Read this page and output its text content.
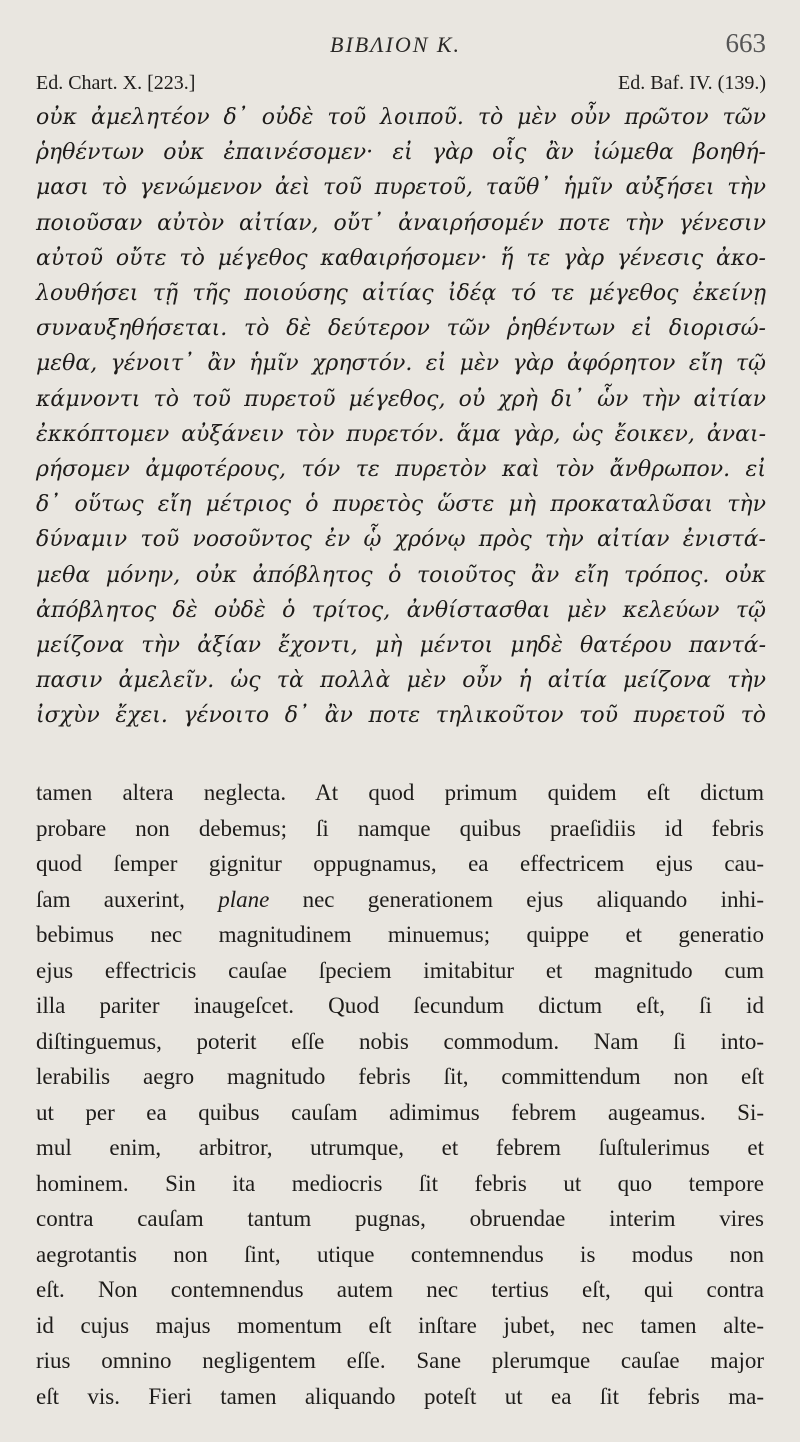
BIBΛΙΟΝ K.	663
Ed. Chart. X. [223.]	Ed. Baf. IV. (139.)
οὐκ ἀμελητέον δ᾽ οὐδὲ τοῦ λοιποῦ. τὸ μὲν οὖν πρῶτον τῶν
ῥηθέντων οὐκ ἐπαινέσομεν· εἰ γὰρ οἷς ἂν ἰώμεθα βοηθή-
μασι τὸ γενώμενον ἀεὶ τοῦ πυρετοῦ, ταῦθ᾽ ἡμῖν αὐξήσει τὴν
ποιοῦσαν αὐτὸν αἰτίαν, οὔτ᾽ ἀναιρήσομέν ποτε τὴν γένεσιν
αὐτοῦ οὔτε τὸ μέγεθος καθαιρήσομεν· ἥ τε γὰρ γένεσις ἀκο-
λουθήσει τῇ τῆς ποιούσης αἰτίας ἰδέᾳ τό τε μέγεθος ἐκείνῃ
συναυξηθήσεται. τὸ δὲ δεύτερον τῶν ῥηθέντων εἰ διορισώ-
μεθα, γένοιτ᾽ ἂν ἡμῖν χρηστόν. εἰ μὲν γὰρ ἀφόρητον εἴη τῷ
κάμνοντι τὸ τοῦ πυρετοῦ μέγεθος, οὐ χρὴ δι᾽ ὧν τὴν αἰτίαν
ἐκκόπτομεν αὐξάνειν τὸν πυρετόν. ἅμα γὰρ, ὡς ἔοικεν, ἀναι-
ρήσομεν ἀμφοτέρους, τόν τε πυρετὸν καὶ τὸν ἄνθρωπον. εἰ
δ᾽ οὕτως εἴη μέτριος ὁ πυρετὸς ὥστε μὴ προκαταλῦσαι τὴν
δύναμιν τοῦ νοσοῦντος ἐν ᾧ χρόνῳ πρὸς τὴν αἰτίαν ἐνιστά-
μεθα μόνην, οὐκ ἀπόβλητος ὁ τοιοῦτος ἂν εἴη τρόπος. οὐκ
ἀπόβλητος δὲ οὐδὲ ὁ τρίτος, ἀνθίστασθαι μὲν κελεύων τῷ
μείζονα τὴν ἀξίαν ἔχοντι, μὴ μέντοι μηδὲ θατέρου παντά-
πασιν ἀμελεῖν. ὡς τὰ πολλὰ μὲν οὖν ἡ αἰτία μείζονα τὴν
ἰσχὺν ἔχει. γένοιτο δ᾽ ἂν ποτε τηλικοῦτον τοῦ πυρετοῦ τὸ
tamen altera neglecta. At quod primum quidem eſt dictum
probare non debemus; ſi namque quibus praeſidiis id febris
quod ſemper gignitur oppugnamus, ea effectricem ejus cau-
ſam auxerint, plane nec generationem ejus aliquando inhi-
bebimus nec magnitudinem minuemus; quippe et generatio
ejus effectricis cauſae ſpeciem imitabitur et magnitudo cum
illa pariter inaugeſcet. Quod ſecundum dictum eſt, ſi id
diſtinguemus, poterit eſſe nobis commodum. Nam ſi into-
lerabilis aegro magnitudo febris ſit, committendum non eſt
ut per ea quibus cauſam adimimus febrem augeamus. Si-
mul enim, arbitror, utrumque, et febrem ſuſtulerimus et
hominem. Sin ita mediocris ſit febris ut quo tempore
contra cauſam tantum pugnas, obruendae interim vires
aegrotantis non ſint, utique contemnendus is modus non
eſt. Non contemnendus autem nec tertius eſt, qui contra
id cujus majus momentum eſt inſtare jubet, nec tamen alte-
rius omnino negligentem eſſe. Sane plerumque cauſae major
eſt vis. Fieri tamen aliquando poteſt ut ea ſit febris ma-
